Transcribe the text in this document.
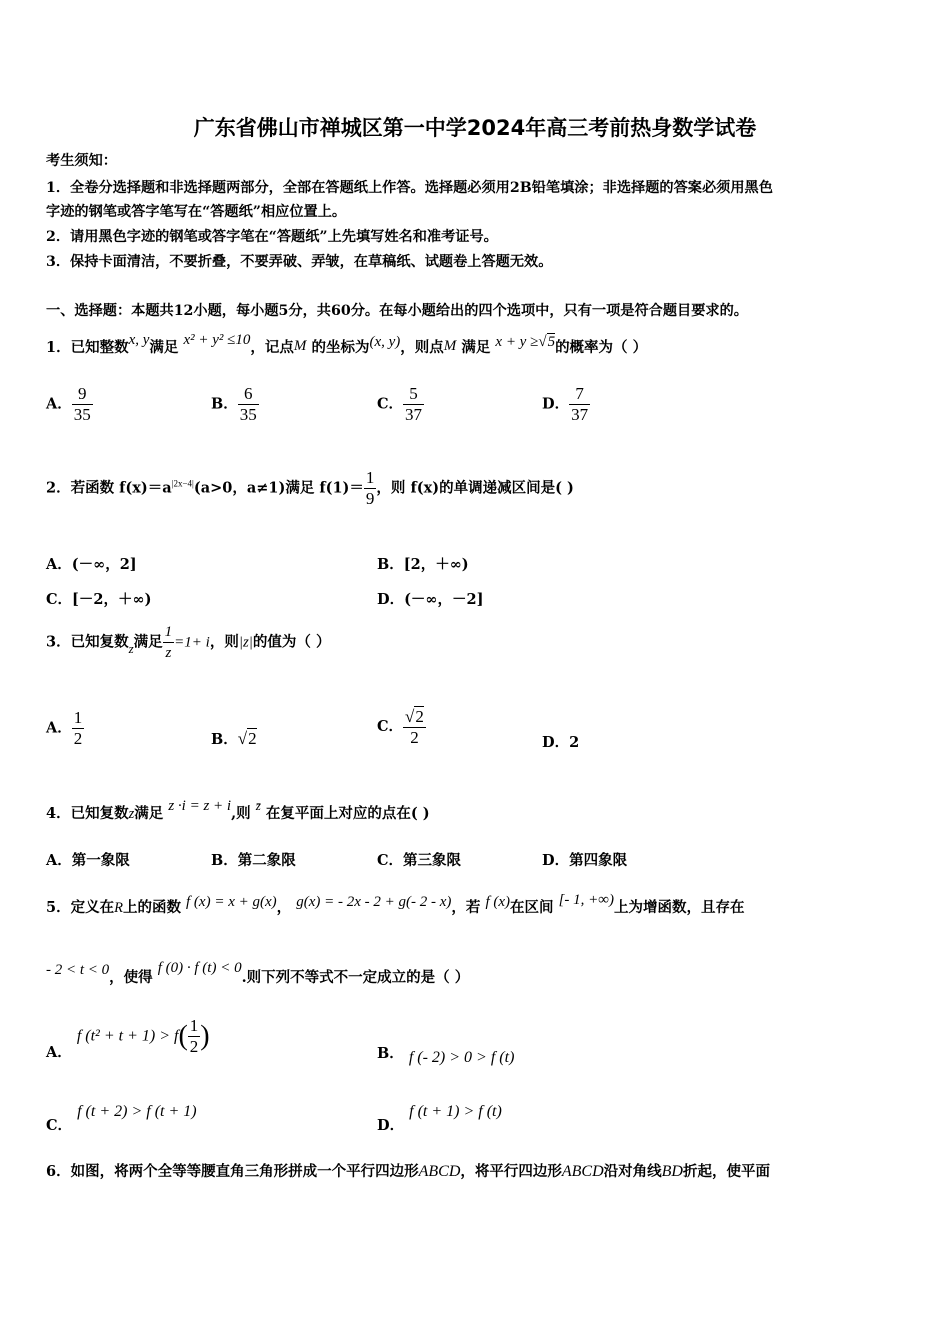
广东省佛山市禅城区第一中学2024年高三考前热身数学试卷
考生须知：
1．全卷分选择题和非选择题两部分，全部在答题纸上作答。选择题必须用2B铅笔填涂；非选择题的答案必须用黑色
字迹的钢笔或答字笔写在“答题纸”相应位置上。
2．请用黑色字迹的钢笔或答字笔在“答题纸”上先填写姓名和准考证号。
3．保持卡面清洁，不要折叠，不要弄破、弄皱，在草稿纸、试题卷上答题无效。
一、选择题：本题共12小题，每小题5分，共60分。在每小题给出的四个选项中，只有一项是符合题目要求的。
1．已知整数x, y满足 x² + y² ≤10，记点M 的坐标为(x, y)，则点M 满足 x + y ≥√5的概率为（ ）
A． $\frac{9}{35}$	B． $\frac{6}{35}$	C． $\frac{5}{37}$	D． $\frac{7}{37}$
2．若函数 $f(x)=a^{|2x-4|}(a>0$，a≠1)满足 $f(1)= \frac{1}{9}$ ，则 f(x)的单调递减区间是( )
A．(－∞，2]	B．[2，＋∞)
C．[－2，＋∞)	D．(－∞，－2]
3．已知复数z满足 $\frac{1}{z} =1+ i$，则|z|的值为（ ）
A． $\frac{1}{2}$	B．√2
C． $\frac{√2}{2}$	D．2
4．已知复数z满足 z ·i = z + i,则 z̄ 在复平面上对应的点在( )
A．第一象限	B．第二象限	C．第三象限	D．第四象限
5．定义在R上的函数 f (x) = x + g(x)， g(x) = - 2x - 2 + g(- 2 - x)，若 f (x)在区间 [- 1, +∞)上为增函数，且存在
- 2 < t < 0，使得 f (0) · f (t) < 0.则下列不等式不一定成立的是（ ）
A． f $(t^2 + t + 1) > f( \frac{1}{2}$ )
B． f (- 2) > 0 > f (t)
C． f (t + 2) > f (t + 1)
D． f (t + 1) > f (t)
6．如图，将两个全等等腰直角三角形拼成一个平行四边形ABCD，将平行四边形ABCD沿对角线BD折起，使平面
